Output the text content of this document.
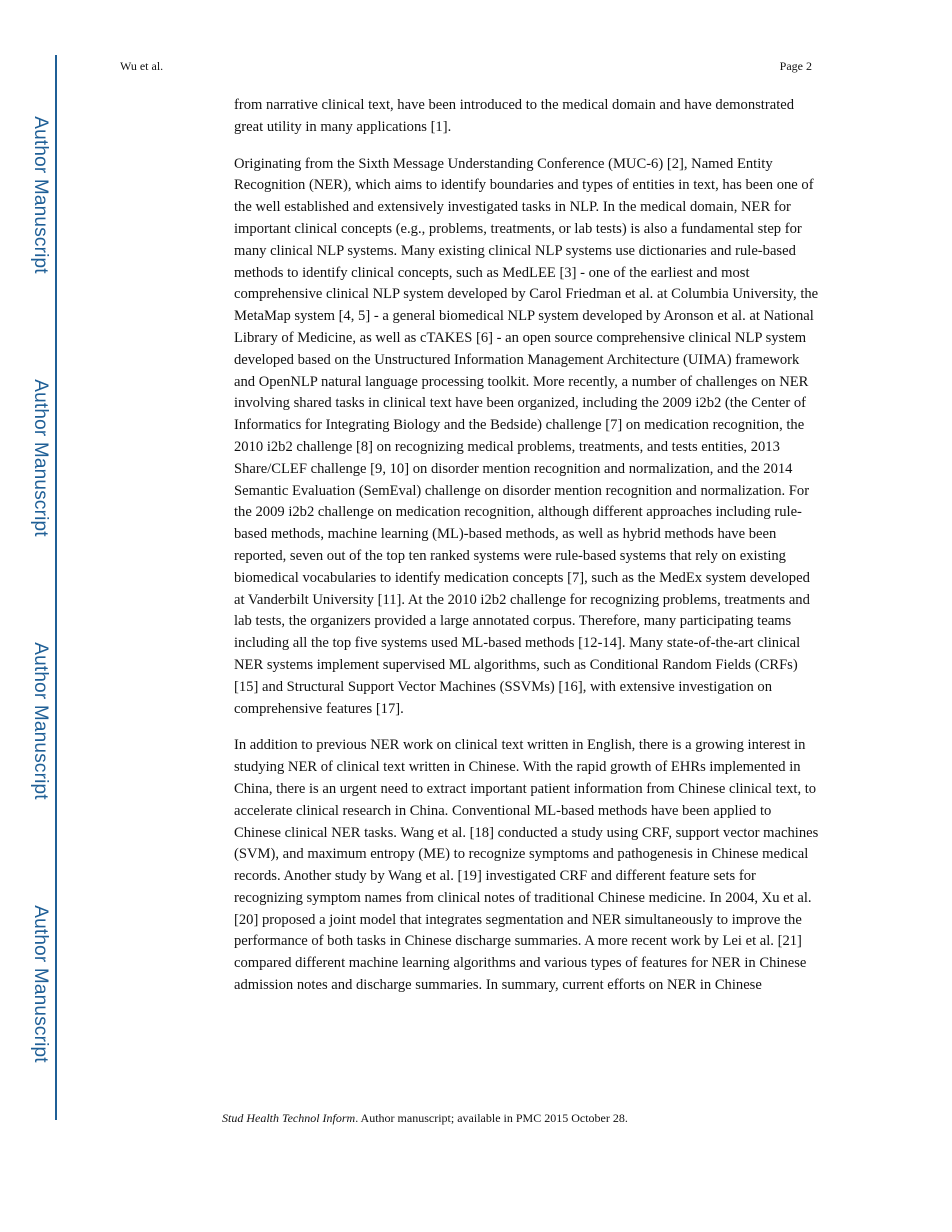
Author Manuscript
Author Manuscript
Author Manuscript
Author Manuscript
Wu et al.	Page 2

from narrative clinical text, have been introduced to the medical domain and have demonstrated great utility in many applications [1].

Originating from the Sixth Message Understanding Conference (MUC-6) [2], Named Entity Recognition (NER), which aims to identify boundaries and types of entities in text, has been one of the well established and extensively investigated tasks in NLP. In the medical domain, NER for important clinical concepts (e.g., problems, treatments, or lab tests) is also a fundamental step for many clinical NLP systems. Many existing clinical NLP systems use dictionaries and rule-based methods to identify clinical concepts, such as MedLEE [3] - one of the earliest and most comprehensive clinical NLP system developed by Carol Friedman et al. at Columbia University, the MetaMap system [4, 5] - a general biomedical NLP system developed by Aronson et al. at National Library of Medicine, as well as cTAKES [6] - an open source comprehensive clinical NLP system developed based on the Unstructured Information Management Architecture (UIMA) framework and OpenNLP natural language processing toolkit. More recently, a number of challenges on NER involving shared tasks in clinical text have been organized, including the 2009 i2b2 (the Center of Informatics for Integrating Biology and the Bedside) challenge [7] on medication recognition, the 2010 i2b2 challenge [8] on recognizing medical problems, treatments, and tests entities, 2013 Share/CLEF challenge [9, 10] on disorder mention recognition and normalization, and the 2014 Semantic Evaluation (SemEval) challenge on disorder mention recognition and normalization. For the 2009 i2b2 challenge on medication recognition, although different approaches including rule-based methods, machine learning (ML)-based methods, as well as hybrid methods have been reported, seven out of the top ten ranked systems were rule-based systems that rely on existing biomedical vocabularies to identify medication concepts [7], such as the MedEx system developed at Vanderbilt University [11]. At the 2010 i2b2 challenge for recognizing problems, treatments and lab tests, the organizers provided a large annotated corpus. Therefore, many participating teams including all the top five systems used ML-based methods [12-14]. Many state-of-the-art clinical NER systems implement supervised ML algorithms, such as Conditional Random Fields (CRFs) [15] and Structural Support Vector Machines (SSVMs) [16], with extensive investigation on comprehensive features [17].

In addition to previous NER work on clinical text written in English, there is a growing interest in studying NER of clinical text written in Chinese. With the rapid growth of EHRs implemented in China, there is an urgent need to extract important patient information from Chinese clinical text, to accelerate clinical research in China. Conventional ML-based methods have been applied to Chinese clinical NER tasks. Wang et al. [18] conducted a study using CRF, support vector machines (SVM), and maximum entropy (ME) to recognize symptoms and pathogenesis in Chinese medical records. Another study by Wang et al. [19] investigated CRF and different feature sets for recognizing symptom names from clinical notes of traditional Chinese medicine. In 2004, Xu et al. [20] proposed a joint model that integrates segmentation and NER simultaneously to improve the performance of both tasks in Chinese discharge summaries. A more recent work by Lei et al. [21] compared different machine learning algorithms and various types of features for NER in Chinese admission notes and discharge summaries. In summary, current efforts on NER in Chinese

Stud Health Technol Inform. Author manuscript; available in PMC 2015 October 28.
